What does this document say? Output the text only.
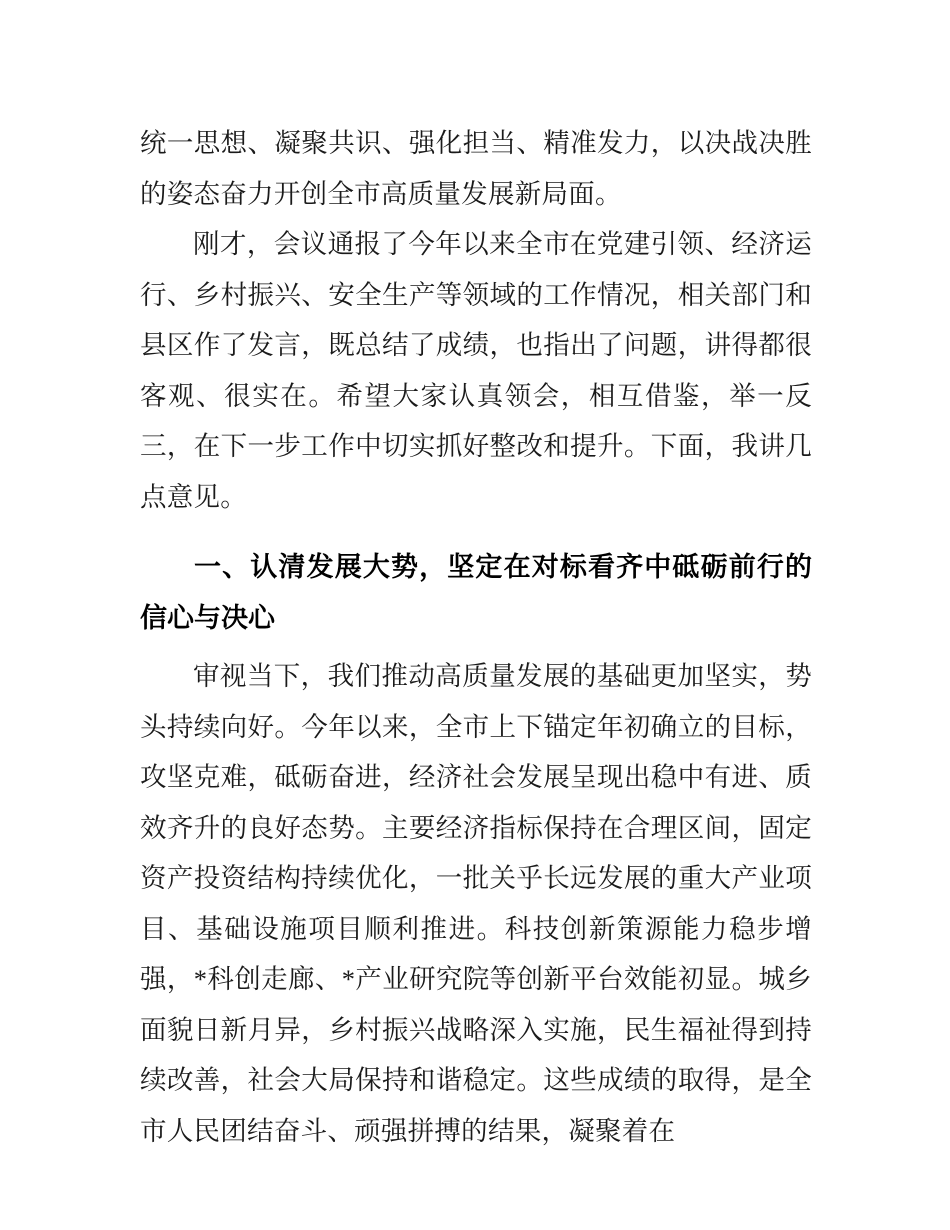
统一思想、凝聚共识、强化担当、精准发力，以决战决胜的姿态奋力开创全市高质量发展新局面。

刚才，会议通报了今年以来全市在党建引领、经济运行、乡村振兴、安全生产等领域的工作情况，相关部门和县区作了发言，既总结了成绩，也指出了问题，讲得都很客观、很实在。希望大家认真领会，相互借鉴，举一反三，在下一步工作中切实抓好整改和提升。下面，我讲几点意见。

一、认清发展大势，坚定在对标看齐中砥砺前行的信心与决心

审视当下，我们推动高质量发展的基础更加坚实，势头持续向好。今年以来，全市上下锚定年初确立的目标，攻坚克难，砥砺奋进，经济社会发展呈现出稳中有进、质效齐升的良好态势。主要经济指标保持在合理区间，固定资产投资结构持续优化，一批关乎长远发展的重大产业项目、基础设施项目顺利推进。科技创新策源能力稳步增强，*科创走廊、*产业研究院等创新平台效能初显。城乡面貌日新月异，乡村振兴战略深入实施，民生福祉得到持续改善，社会大局保持和谐稳定。这些成绩的取得，是全市人民团结奋斗、顽强拼搏的结果，凝聚着在
